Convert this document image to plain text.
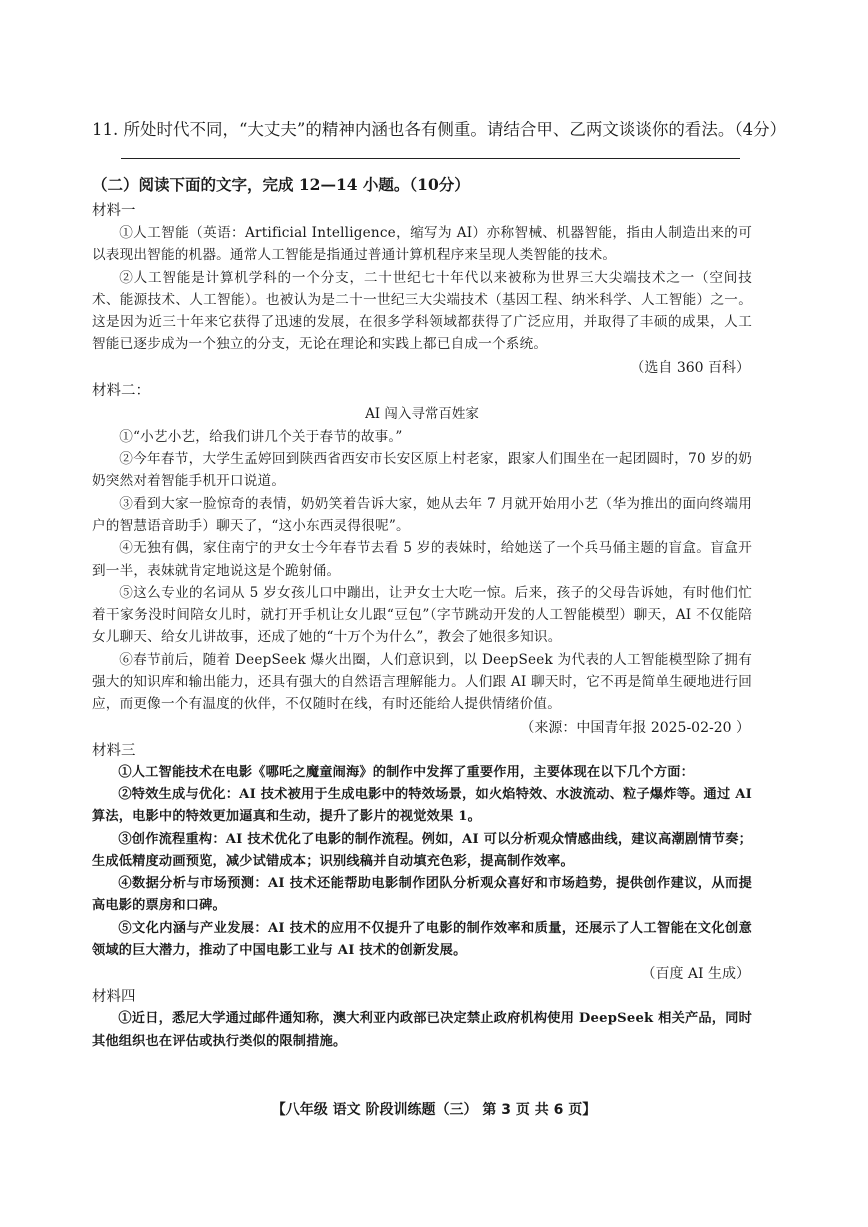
11. 所处时代不同，“大丈夫”的精神内涵也各有侧重。请结合甲、乙两文谈谈你的看法。（4分）

（二）阅读下面的文字，完成 12—14 小题。（10分）

材料一

①人工智能（英语：Artificial Intelligence，缩写为 AI）亦称智械、机器智能，指由人制造出来的可以表现出智能的机器。通常人工智能是指通过普通计算机程序来呈现人类智能的技术。

②人工智能是计算机学科的一个分支，二十世纪七十年代以来被称为世界三大尖端技术之一（空间技术、能源技术、人工智能）。也被认为是二十一世纪三大尖端技术（基因工程、纳米科学、人工智能）之一。这是因为近三十年来它获得了迅速的发展，在很多学科领域都获得了广泛应用，并取得了丰硕的成果，人工智能已逐步成为一个独立的分支，无论在理论和实践上都已自成一个系统。

（选自 360 百科）

材料二：

AI 闯入寻常百姓家

①“小艺小艺，给我们讲几个关于春节的故事。”

②今年春节，大学生孟婷回到陕西省西安市长安区原上村老家，跟家人们围坐在一起团圆时，70 岁的奶奶突然对着智能手机开口说道。

③看到大家一脸惊奇的表情，奶奶笑着告诉大家，她从去年 7 月就开始用小艺（华为推出的面向终端用户的智慧语音助手）聊天了，“这小东西灵得很呢”。

④无独有偶，家住南宁的尹女士今年春节去看 5 岁的表妹时，给她送了一个兵马俑主题的盲盒。盲盒开到一半，表妹就肯定地说这是个跪射俑。

⑤这么专业的名词从 5 岁女孩儿口中蹦出，让尹女士大吃一惊。后来，孩子的父母告诉她，有时他们忙着干家务没时间陪女儿时，就打开手机让女儿跟“豆包”（字节跳动开发的人工智能模型）聊天，AI 不仅能陪女儿聊天、给女儿讲故事，还成了她的“十万个为什么”，教会了她很多知识。

⑥春节前后，随着 DeepSeek 爆火出圈，人们意识到，以 DeepSeek 为代表的人工智能模型除了拥有强大的知识库和输出能力，还具有强大的自然语言理解能力。人们跟 AI 聊天时，它不再是简单生硬地进行回应，而更像一个有温度的伙伴，不仅随时在线，有时还能给人提供情绪价值。

（来源：中国青年报 2025-02-20 ）

材料三

①人工智能技术在电影《哪吒之魔童闹海》的制作中发挥了重要作用，主要体现在以下几个方面：

②特效生成与优化：AI 技术被用于生成电影中的特效场景，如火焰特效、水波流动、粒子爆炸等。通过 AI 算法，电影中的特效更加逼真和生动，提升了影片的视觉效果 1。

③创作流程重构：AI 技术优化了电影的制作流程。例如，AI 可以分析观众情感曲线，建议高潮剧情节奏；生成低精度动画预览，减少试错成本；识别线稿并自动填充色彩，提高制作效率。

④数据分析与市场预测：AI 技术还能帮助电影制作团队分析观众喜好和市场趋势，提供创作建议，从而提高电影的票房和口碑。

⑤文化内涵与产业发展：AI 技术的应用不仅提升了电影的制作效率和质量，还展示了人工智能在文化创意领域的巨大潜力，推动了中国电影工业与 AI 技术的创新发展。

（百度 AI 生成）

材料四

①近日，悉尼大学通过邮件通知称，澳大利亚内政部已决定禁止政府机构使用 DeepSeek 相关产品，同时其他组织也在评估或执行类似的限制措施。

【八年级 语文 阶段训练题（三） 第 3 页 共 6 页】
